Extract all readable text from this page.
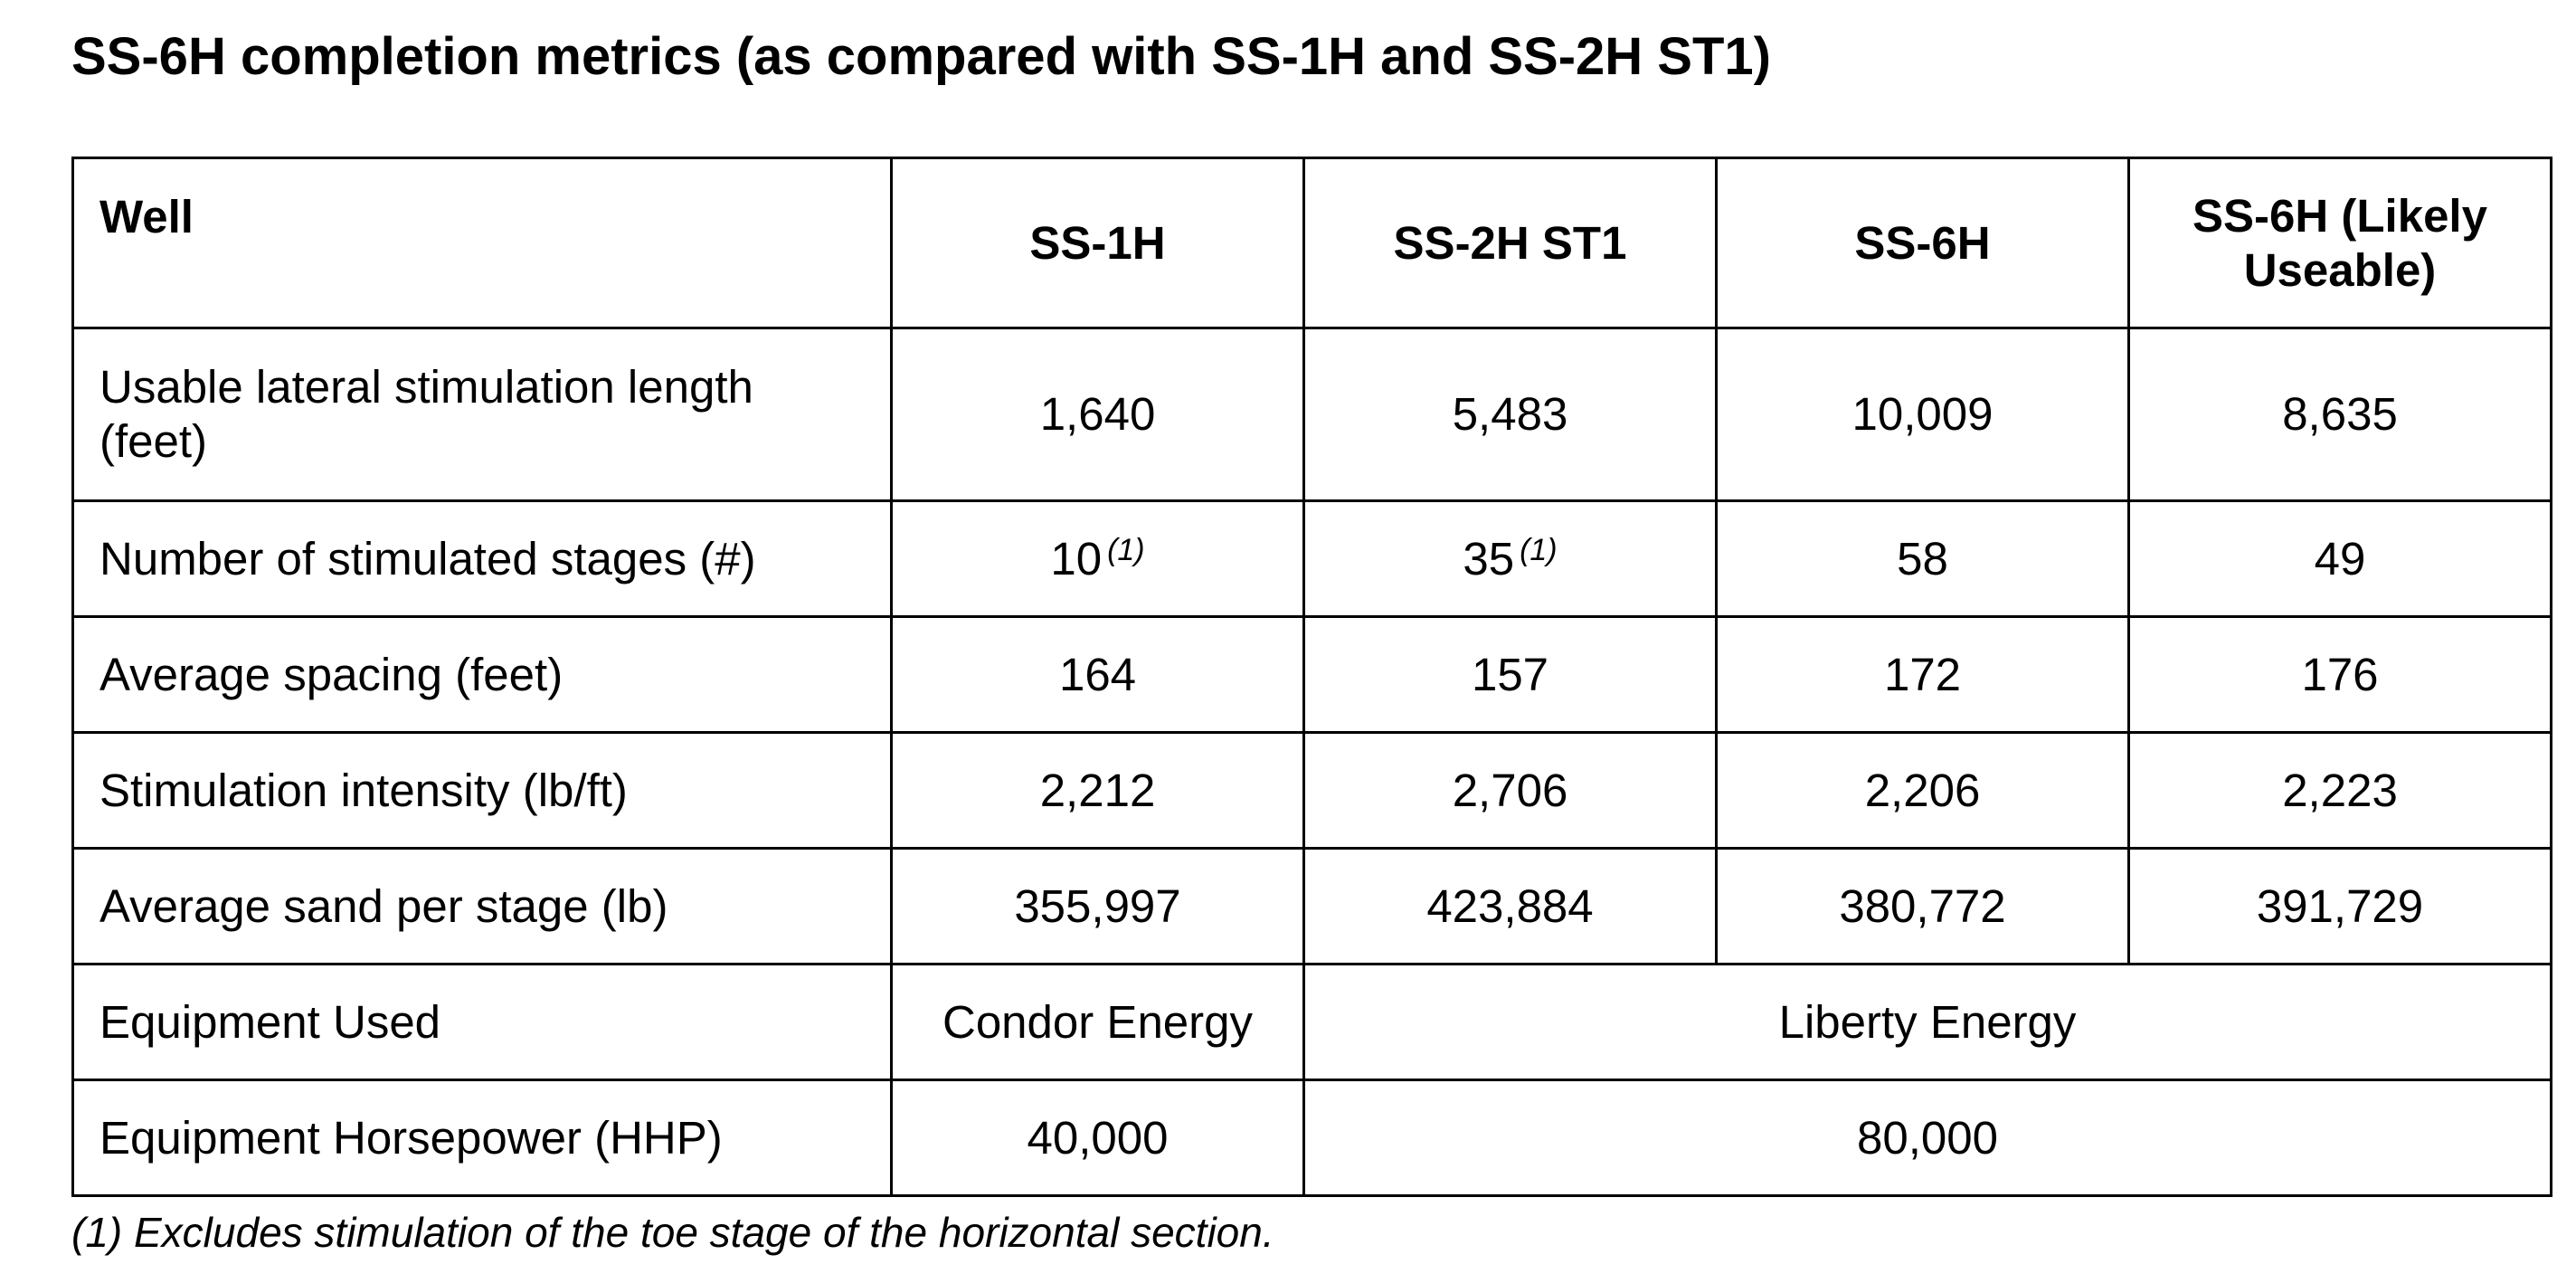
SS-6H completion metrics (as compared with SS-1H and SS-2H ST1)
Well	SS-1H	SS-2H ST1	SS-6H	SS-6H (Likely Useable)
Usable lateral stimulation length (feet)	1,640	5,483	10,009	8,635
Number of stimulated stages (#)	10 $^{(1)}$	35 $^{(1)}$	58	49
Average spacing (feet)	164	157	172	176
Stimulation intensity (lb/ft)	2,212	2,706	2,206	2,223
Average sand per stage (lb)	355,997	423,884	380,772	391,729
Equipment Used	Condor Energy	Liberty Energy		
Equipment Horsepower (HHP)	40,000	80,000		
(1) Excludes stimulation of the toe stage of the horizontal section.
